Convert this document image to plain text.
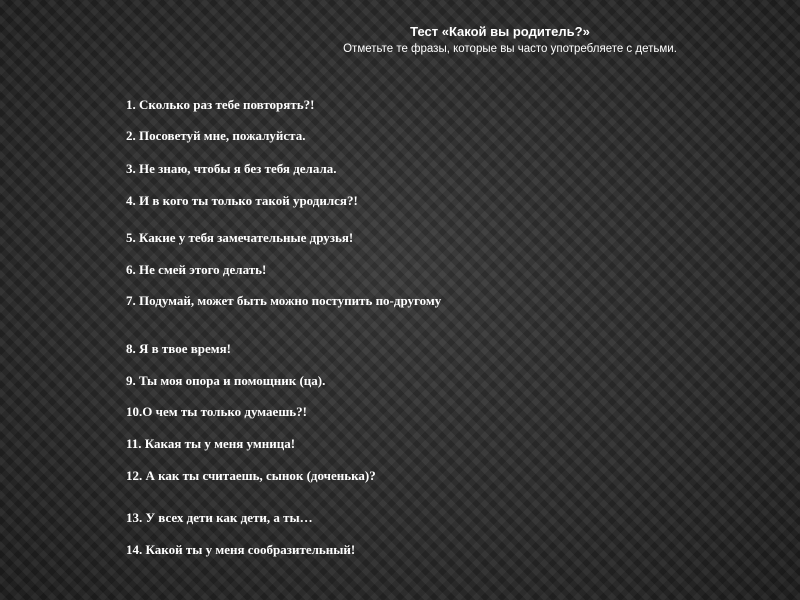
Тест «Какой вы родитель?»
Отметьте те фразы, которые вы часто употребляете с детьми.
1. Сколько раз тебе повторять?!
2. Посоветуй мне, пожалуйста.
3. Не знаю, чтобы я без тебя делала.
4. И в кого ты только такой уродился?!
5. Какие у тебя замечательные друзья!
6. Не смей этого делать!
7. Подумай, может быть можно поступить по-другому
8. Я в твое время!
9. Ты моя опора и помощник (ца).
10.О чем ты только думаешь?!
11. Какая ты у меня умница!
12. А как ты считаешь, сынок (доченька)?
13. У всех дети как дети, а ты…
14. Какой ты у меня сообразительный!
